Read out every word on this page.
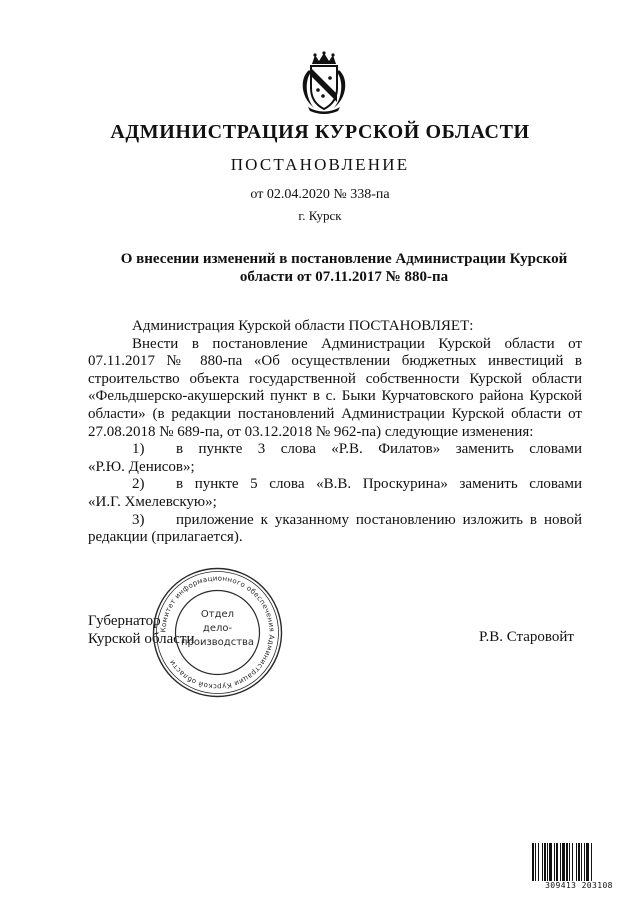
АДМИНИСТРАЦИЯ КУРСКОЙ ОБЛАСТИ
ПОСТАНОВЛЕНИЕ
от 02.04.2020 № 338-па
г. Курск
О внесении изменений в постановление Администрации Курской
области от 07.11.2017 № 880-па

Администрация Курской области ПОСТАНОВЛЯЕТ:

Внести в постановление Администрации Курской области от 07.11.2017 № 880-па «Об осуществлении бюджетных инвестиций в строительство объекта государственной собственности Курской области «Фельдшерско-акушерский пункт в с. Быки Курчатовского района Курской области» (в редакции постановлений Администрации Курской области от 27.08.2018 № 689-па, от 03.12.2018 № 962-па) следующие изменения:

1)	в пункте 3 слова «Р.В. Филатов» заменить словами

«Р.Ю. Денисов»;

2)	в пункте 5 слова «В.В. Проскурина» заменить словами

«И.Г. Хмелевскую»;

3)	приложение к указанному постановлению изложить в новой

редакции (прилагается).

Губернатор
Курской области	Р.В. Старовойт
Комитет информационного обеспечения Администрации Курской области
Отдел
дело-
производства
309413 203108
